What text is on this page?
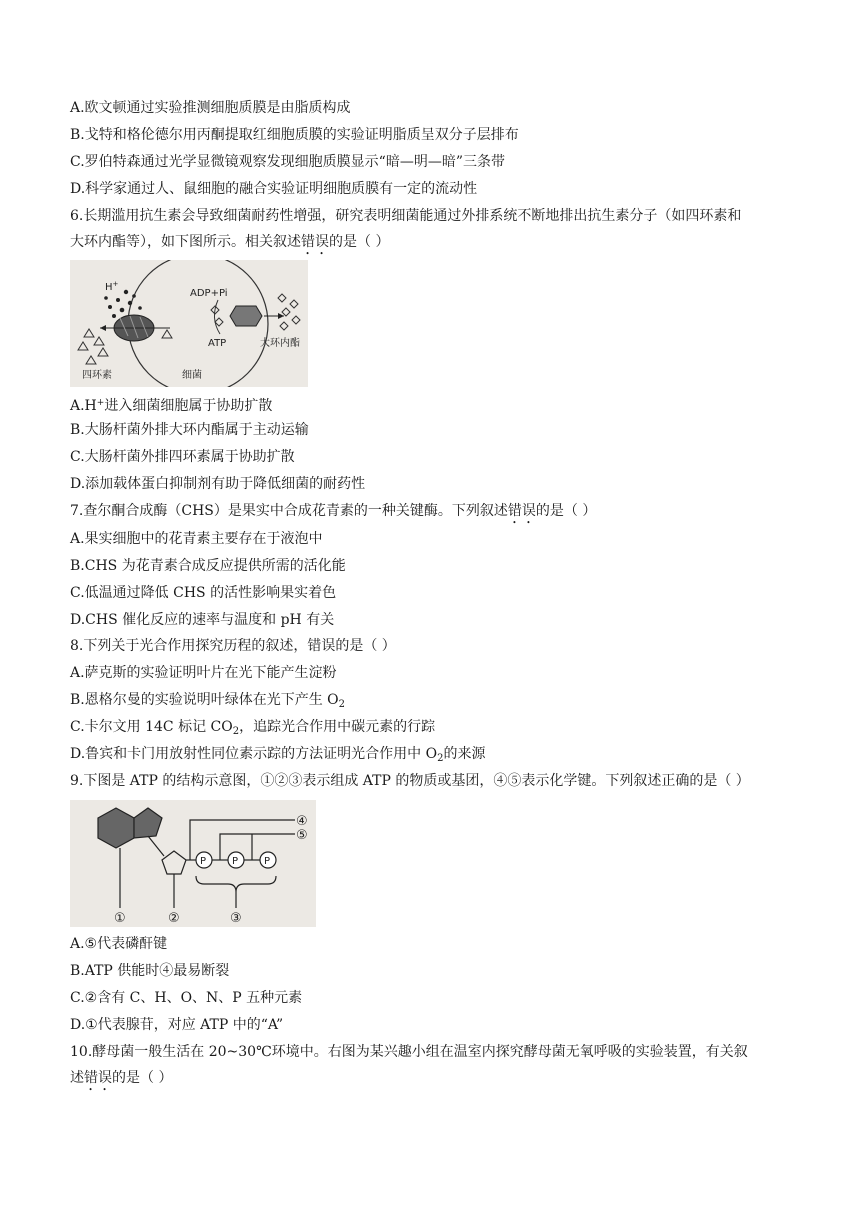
A.欧文顿通过实验推测细胞质膜是由脂质构成
B.戈特和格伦德尔用丙酮提取红细胞质膜的实验证明脂质呈双分子层排布
C.罗伯特森通过光学显微镜观察发现细胞质膜显示“暗—明—暗”三条带
D.科学家通过人、鼠细胞的融合实验证明细胞质膜有一定的流动性
6.长期滥用抗生素会导致细菌耐药性增强，研究表明细菌能通过外排系统不断地排出抗生素分子（如四环素和
大环内酯等），如下图所示。相关叙述错误的是（ ）
H+
四环素	细菌
ADP+Pi
ATP	大环内酯
A.H+进入细菌细胞属于协助扩散
B.大肠杆菌外排大环内酯属于主动运输
C.大肠杆菌外排四环素属于协助扩散
D.添加载体蛋白抑制剂有助于降低细菌的耐药性
7.查尔酮合成酶（CHS）是果实中合成花青素的一种关键酶。下列叙述错误的是（ ）
A.果实细胞中的花青素主要存在于液泡中
B.CHS 为花青素合成反应提供所需的活化能
C.低温通过降低 CHS 的活性影响果实着色
D.CHS 催化反应的速率与温度和 pH 有关
8.下列关于光合作用探究历程的叙述，错误的是（ ）
A.萨克斯的实验证明叶片在光下能产生淀粉
B.恩格尔曼的实验说明叶绿体在光下产生 $O_2$
C.卡尔文用 14C 标记 $CO_2$，追踪光合作用中碳元素的行踪
D.鲁宾和卡门用放射性同位素示踪的方法证明光合作用中 $O_2$的来源
9.下图是 ATP 的结构示意图，①②③表示组成 ATP 的物质或基团，④⑤表示化学键。下列叙述正确的是（ ）
P	P	P
①	②	③
④
⑤
A.⑤代表磷酐键
B.ATP 供能时④最易断裂
C.②含有 C、H、O、N、P 五种元素
D.①代表腺苷，对应 ATP 中的“A”
10.酵母菌一般生活在 20~30℃环境中。右图为某兴趣小组在温室内探究酵母菌无氧呼吸的实验装置，有关叙
述错误的是（ ）
